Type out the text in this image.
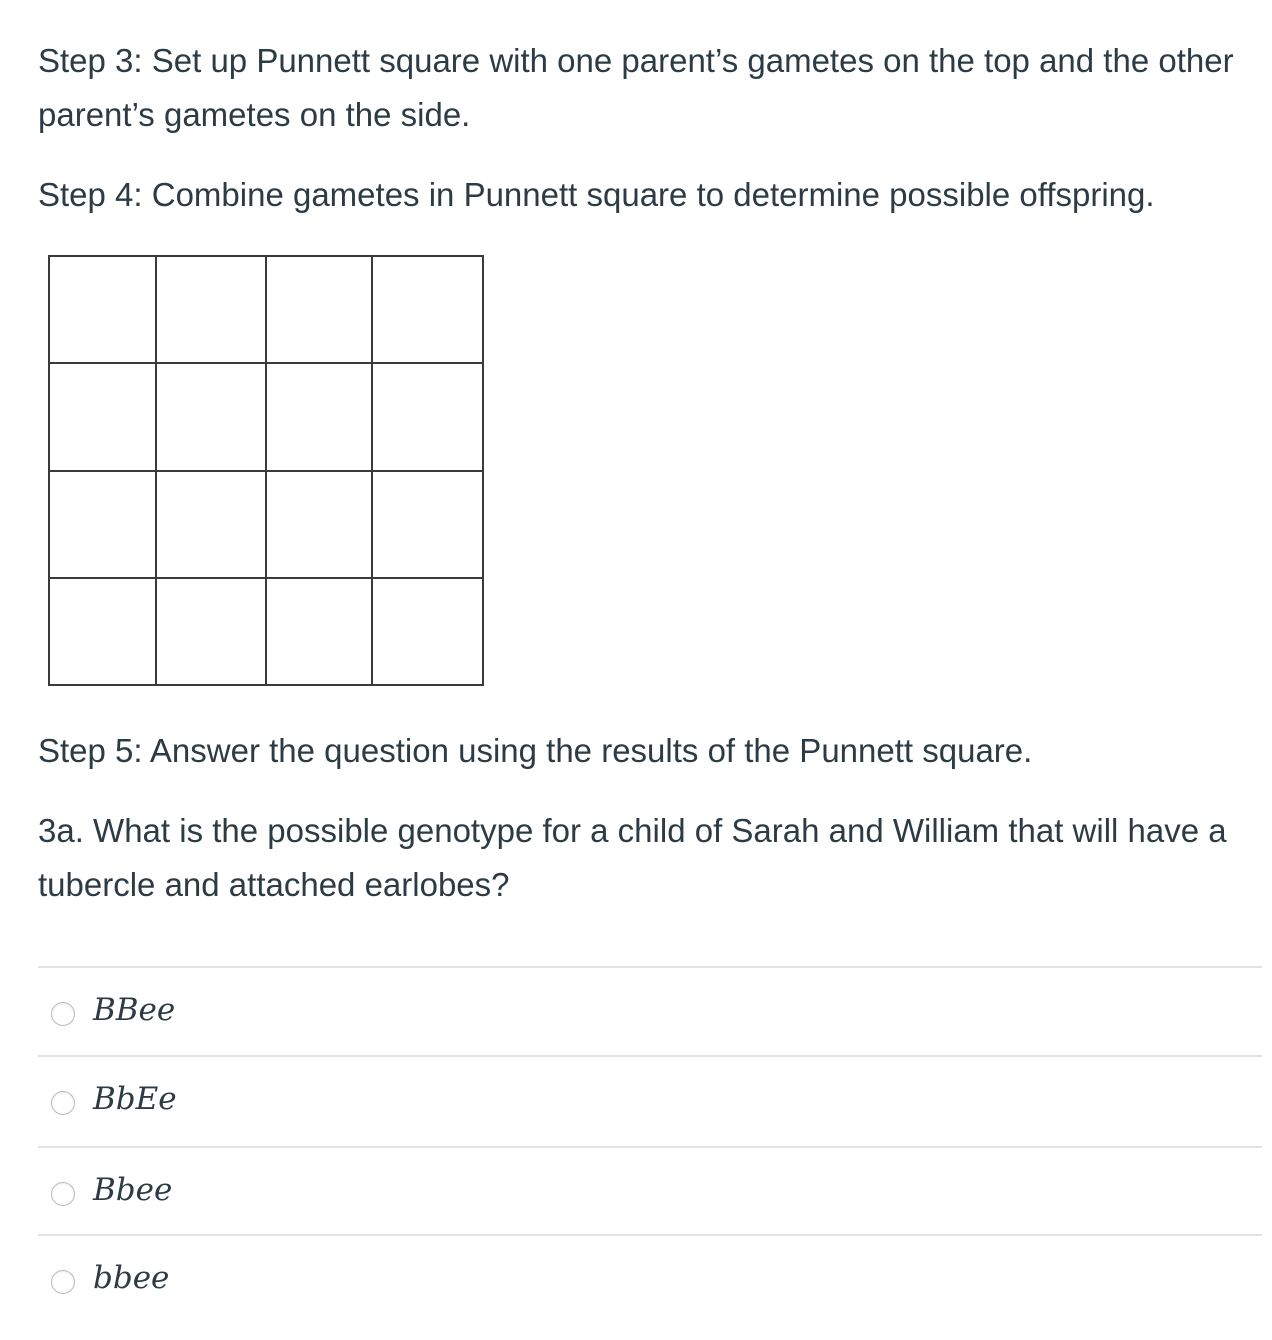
Step 3: Set up Punnett square with one parent’s gametes on the top and the other parent’s gametes on the side.

Step 4: Combine gametes in Punnett square to determine possible offspring.

Step 5: Answer the question using the results of the Punnett square.

3a. What is the possible genotype for a child of Sarah and William that will have a tubercle and attached earlobes?

BBee
BbEe
Bbee
bbee
